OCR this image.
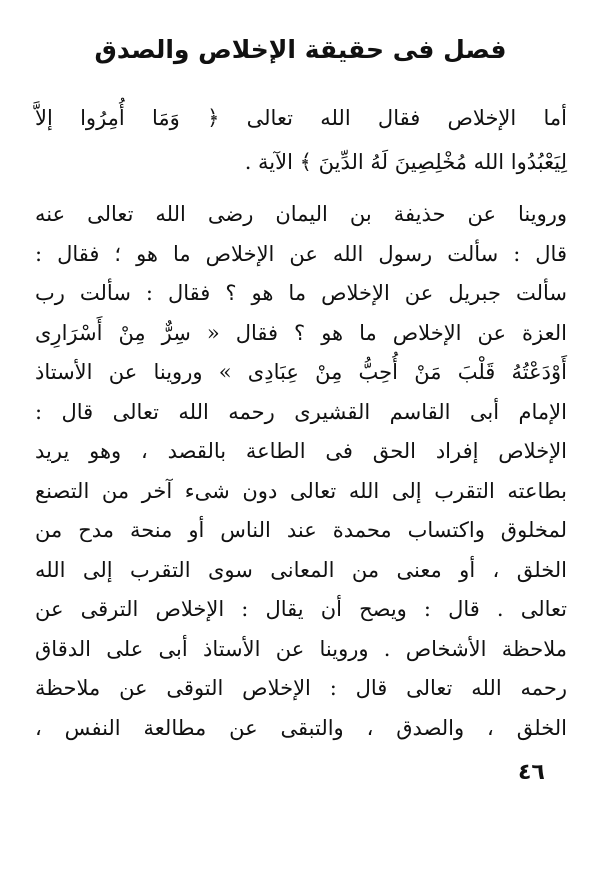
فصل فى حقيقة الإخلاص والصدق
أما الإخلاص فقال الله تعالى ﴿ وَمَا أُمِرُوا إلاَّ
لِيَعْبُدُوا الله مُخْلِصِينَ لَهُ الدِّينَ ﴾ الآية .
وروينا عن حذيفة بن اليمان رضى الله تعالى عنه
قال : سألت رسول الله عن الإخلاص ما هو ؛ فقال :
سألت جبريل عن الإخلاص ما هو ؟ فقال : سألت رب
العزة عن الإخلاص ما هو ؟ فقال « سِرٌّ مِنْ أَسْرَارِى
أَوْدَعْتُهُ قَلْبَ مَنْ أُحِبُّ مِنْ عِبَادِى » وروينا عن الأستاذ
الإمام أبى القاسم القشيرى رحمه الله تعالى قال :
الإخلاص إفراد الحق فى الطاعة بالقصد ، وهو يريد
بطاعته التقرب إلى الله تعالى دون شىء آخر من التصنع
لمخلوق واكتساب محمدة عند الناس أو منحة مدح من
الخلق ، أو معنى من المعانى سوى التقرب إلى الله
تعالى . قال : ويصح أن يقال : الإخلاص الترقى عن
ملاحظة الأشخاص . وروينا عن الأستاذ أبى على الدقاق
رحمه الله تعالى قال : الإخلاص التوقى عن ملاحظة
الخلق ، والصدق ، والتبقى عن مطالعة النفس ،
٤٦
